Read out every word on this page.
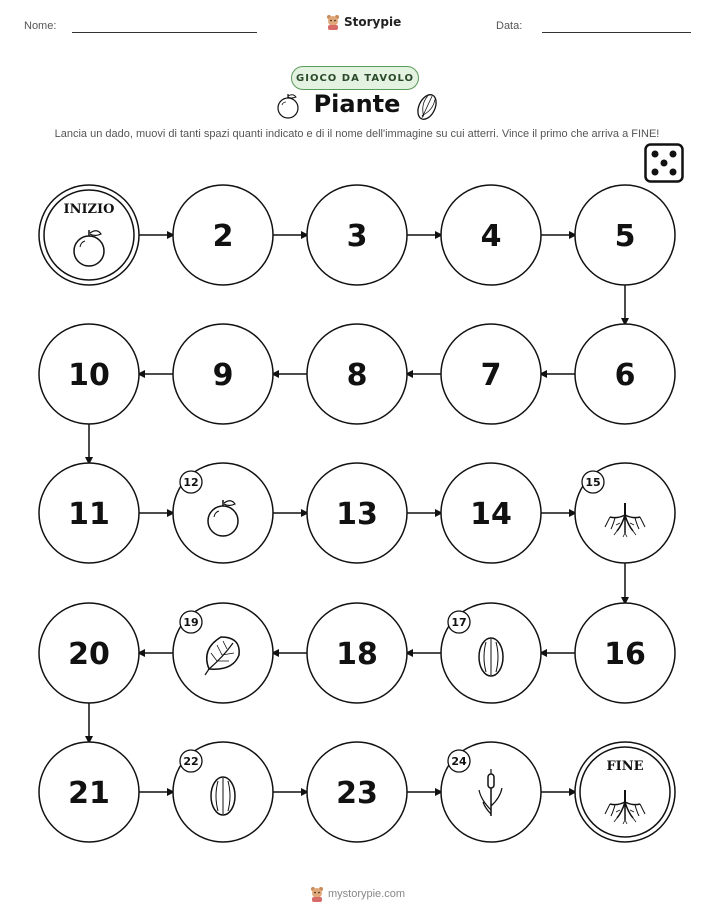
Nome:	Storypie	Data:
GIOCO DA TAVOLO
Piante
Lancia un dado, muovi di tanti spazi quanti indicato e di il nome dell'immagine su cui atterri. Vince il primo che arriva a FINE!
INIZIO
2	3	4	5
6
7
8
9
10
11
12
13	14
15
16
17
18
19
20
21
22
23
24	FINE
mystorypie.com
